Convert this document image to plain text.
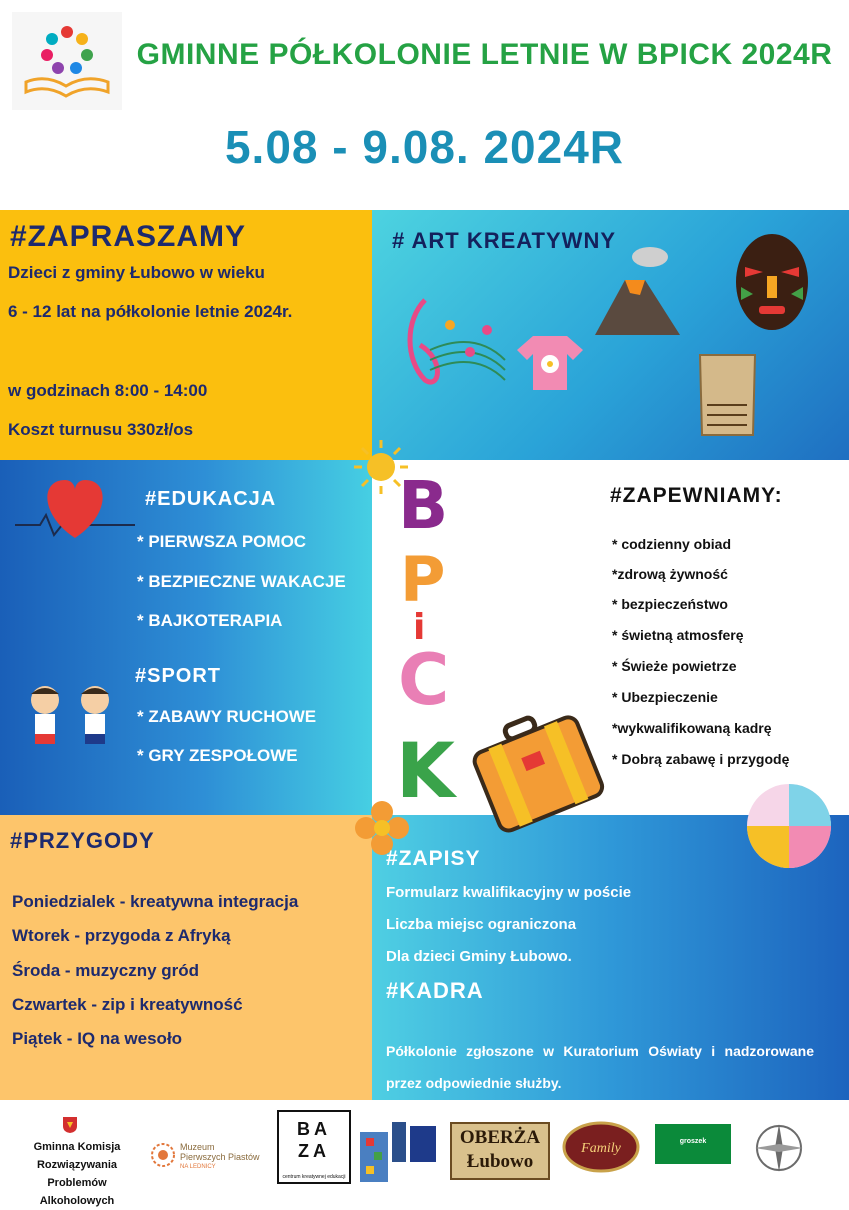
GMINNE PÓŁKOLONIE LETNIE W BPICK 2024R
5.08 - 9.08. 2024R
#ZAPRASZAMY
Dzieci z gminy Łubowo w wieku
6 - 12 lat na półkolonie letnie 2024r.
w godzinach 8:00 - 14:00
Koszt turnusu 330zł/os
# ART KREATYWNY
#EDUKACJA
* PIERWSZA POMOC
* BEZPIECZNE WAKACJE
* BAJKOTERAPIA
#SPORT
* ZABAWY RUCHOWE
* GRY ZESPOŁOWE
B
P
i
C
K
#ZAPEWNIAMY:
* codzienny obiad
*zdrową żywność
* bezpieczeństwo
* świetną atmosferę
* Świeże powietrze
* Ubezpieczenie
*wykwalifikowaną kadrę
* Dobrą zabawę i przygodę
#PRZYGODY
Poniedzialek - kreatywna integracja
Wtorek - przygoda z Afryką
Środa - muzyczny gród
Czwartek - zip i kreatywność
Piątek - IQ na wesoło
#ZAPISY
Formularz kwalifikacyjny w poście
Liczba miejsc ograniczona
Dla dzieci Gminy Łubowo.
#KADRA
Półkolonie zgłoszone w Kuratorium Oświaty i nadzorowane przez odpowiednie służby.
Gminna Komisja
Rozwiązywania Problemów
Alkoholowych
Muzeum
Pierwszych Piastów
NA LEDNICY
BA
ZA
centrum kreatywnej edukacji
OBERŻA
Łubowo
Family	groszek
